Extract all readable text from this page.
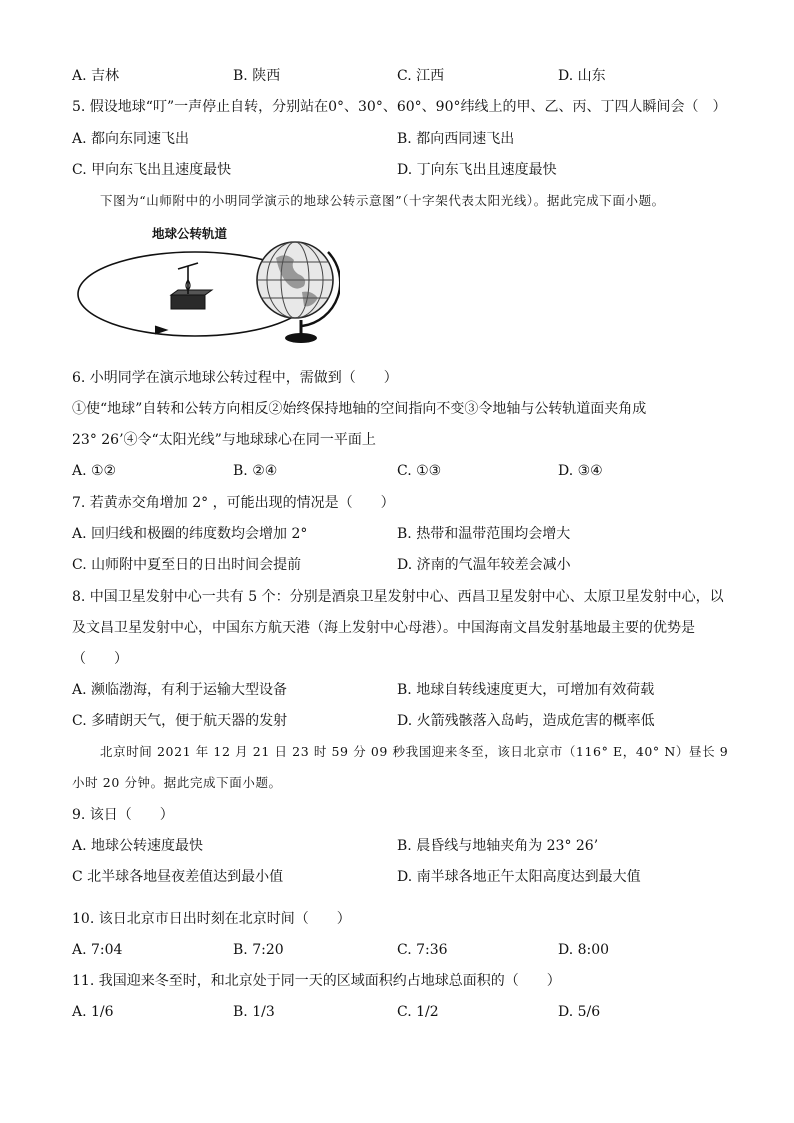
A. 吉林	B. 陕西	C. 江西	D. 山东
5. 假设地球“叮”一声停止自转，分别站在0°、30°、60°、90°纬线上的甲、乙、丙、丁四人瞬间会（　）
A. 都向东同速飞出	B. 都向西同速飞出
C. 甲向东飞出且速度最快	D. 丁向东飞出且速度最快
下图为“山师附中的小明同学演示的地球公转示意图”（十字架代表太阳光线）。据此完成下面小题。
地球公转轨道
6. 小明同学在演示地球公转过程中，需做到（　　）
①使“地球”自转和公转方向相反②始终保持地轴的空间指向不变③令地轴与公转轨道面夹角成
23° 26’④令“太阳光线”与地球球心在同一平面上
A. ①②	B. ②④	C. ①③	D. ③④
7. 若黄赤交角增加 2° ，可能出现的情况是（　　）
A. 回归线和极圈的纬度数均会增加 2°	B. 热带和温带范围均会增大
C. 山师附中夏至日的日出时间会提前	D. 济南的气温年较差会减小
8. 中国卫星发射中心一共有 5 个：分别是酒泉卫星发射中心、西昌卫星发射中心、太原卫星发射中心，以
及文昌卫星发射中心，中国东方航天港（海上发射中心母港）。中国海南文昌发射基地最主要的优势是
（　　）
A. 濒临渤海，有利于运输大型设备	B. 地球自转线速度更大，可增加有效荷载
C. 多晴朗天气，便于航天器的发射	D. 火箭残骸落入岛屿，造成危害的概率低
北京时间 2021 年 12 月 21 日 23 时 59 分 09 秒我国迎来冬至，该日北京市（116° E，40° N）昼长 9
小时 20 分钟。据此完成下面小题。
9. 该日（　　）
A. 地球公转速度最快	B. 晨昏线与地轴夹角为 23° 26’
C 北半球各地昼夜差值达到最小值	D. 南半球各地正午太阳高度达到最大值
10. 该日北京市日出时刻在北京时间（　　）
A. 7:04	B. 7:20	C. 7:36	D. 8:00
11. 我国迎来冬至时，和北京处于同一天的区域面积约占地球总面积的（　　）
A. 1/6	B. 1/3	C. 1/2	D. 5/6
